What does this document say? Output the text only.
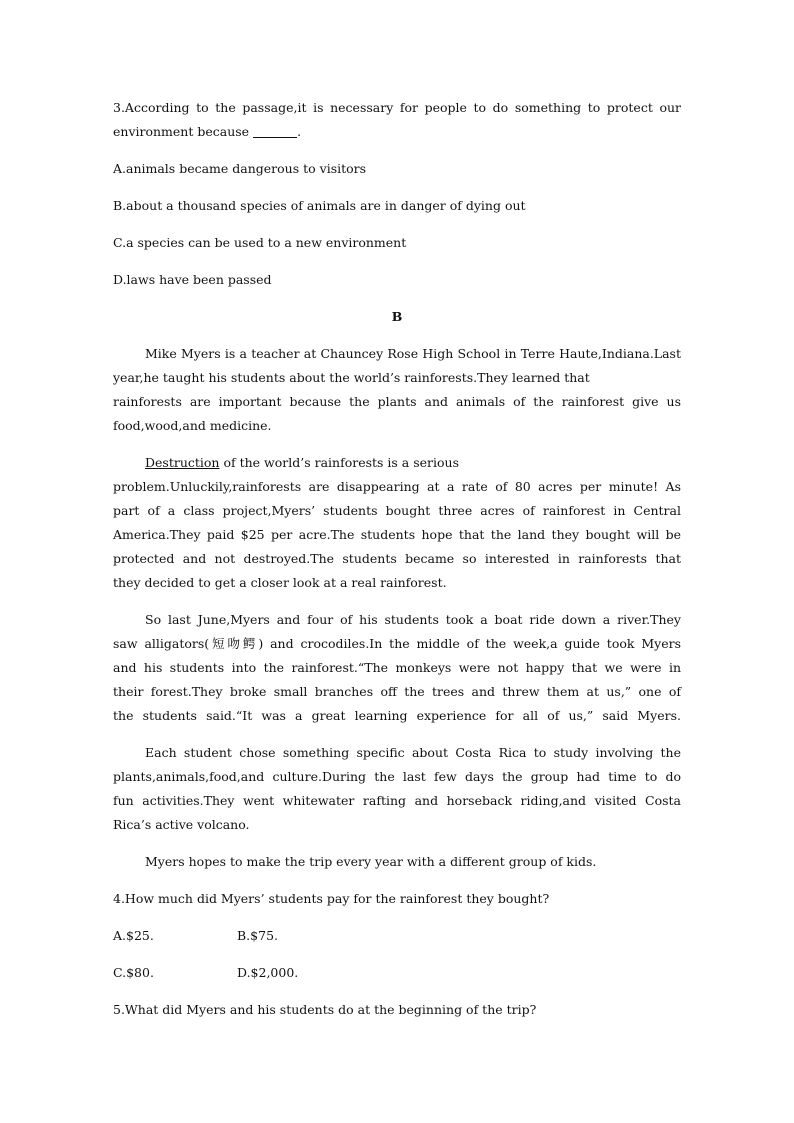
3.According to the passage,it is necessary for people to do something to protect our

environment because	.

A.animals became dangerous to visitors

B.about a thousand species of animals are in danger of dying out

C.a species can be used to a new environment

D.laws have been passed

B

Mike Myers is a teacher at Chauncey Rose High School in Terre Haute,Indiana.Last

year,he taught his students about the world’s rainforests.They learned that

rainforests are important because the plants and animals of the rainforest give us

food,wood,and medicine.

Destruction of the world’s rainforests is a serious

problem.Unluckily,rainforests are disappearing at a rate of 80 acres per minute! As

part of a class project,Myers’ students bought three acres of rainforest in Central

America.They paid $25 per acre.The students hope that the land they bought will be

protected and not destroyed.The students became so interested in rainforests that

they decided to get a closer look at a real rainforest.

So last June,Myers and four of his students took a boat ride down a river.They

saw alligators(短吻鳄) and crocodiles.In the middle of the week,a guide took Myers

and his students into the rainforest.“The monkeys were not happy that we were in

their forest.They broke small branches off the trees and threw them at us,” one of

the students said.“It was a great learning experience for all of us,” said Myers.

Each student chose something specific about Costa Rica to study involving the

plants,animals,food,and culture.During the last few days the group had time to do

fun activities.They went whitewater rafting and horseback riding,and visited Costa

Rica’s active volcano.

Myers hopes to make the trip every year with a different group of kids.

4.How much did Myers’ students pay for the rainforest they bought?

A.$25.	B.$75.
C.$80.	D.$2,000.

5.What did Myers and his students do at the beginning of the trip?
